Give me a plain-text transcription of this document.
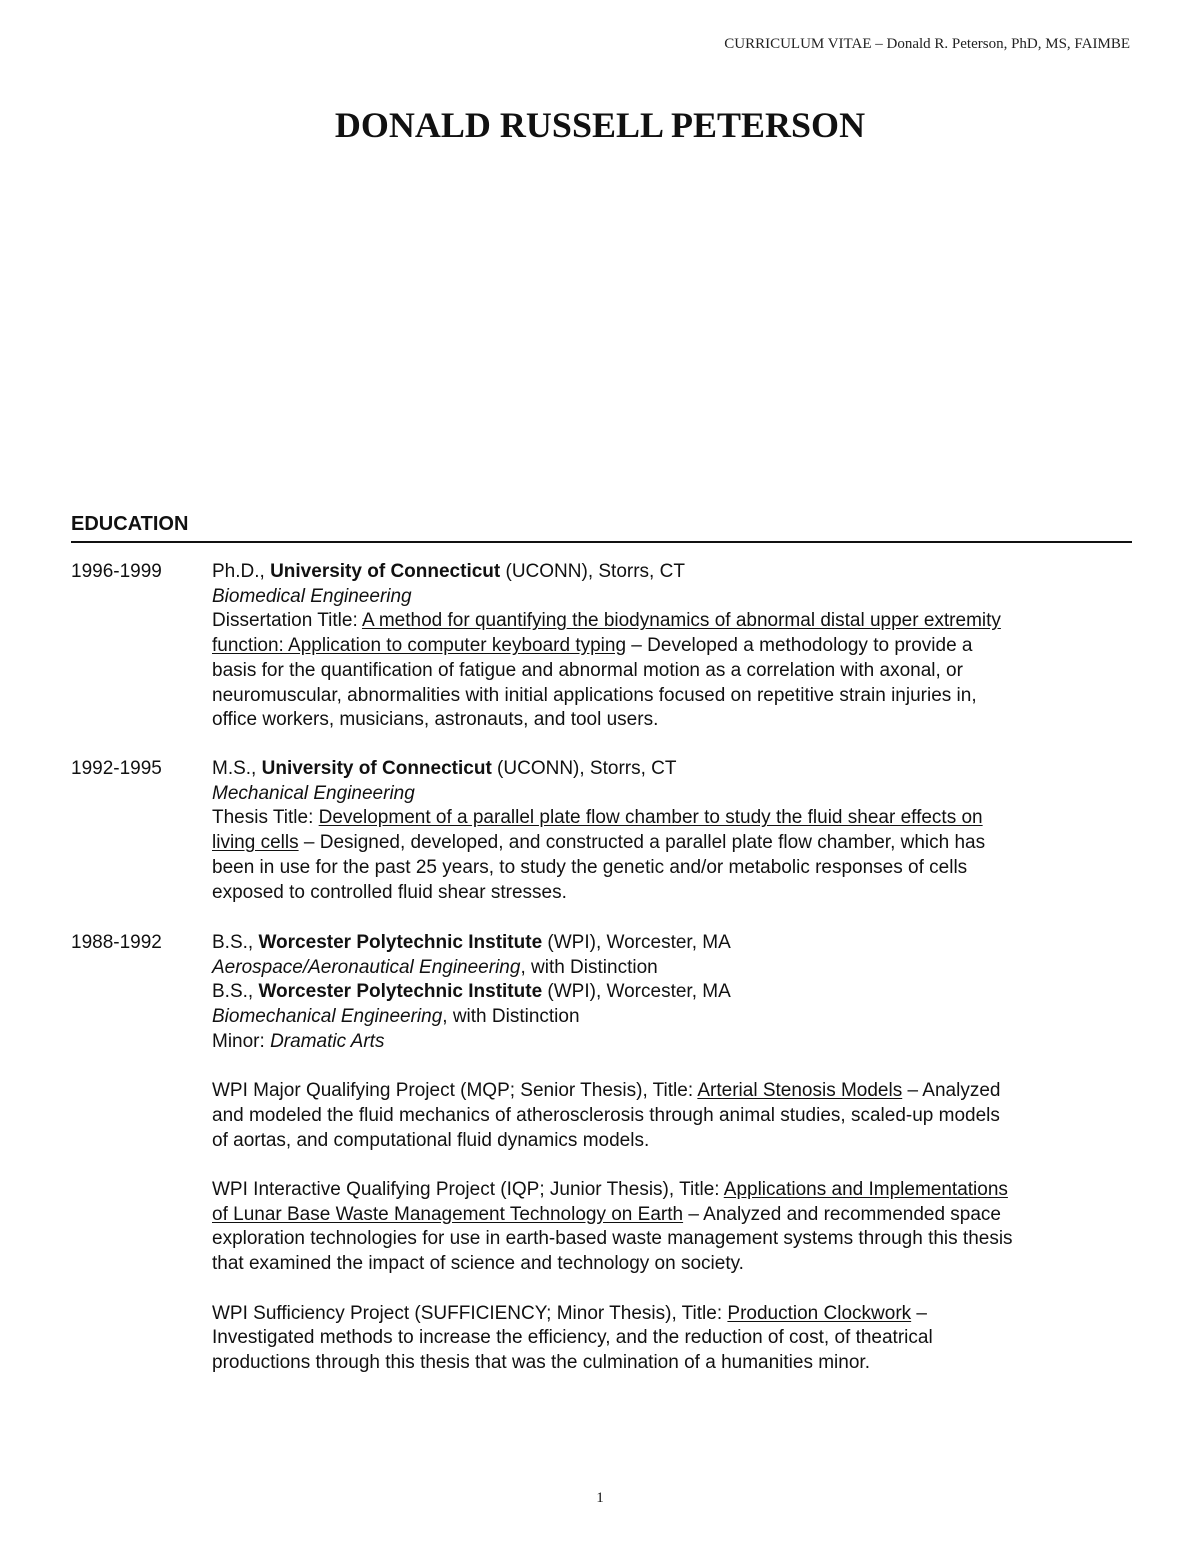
CURRICULUM VITAE – Donald R. Peterson, PhD, MS, FAIMBE
DONALD RUSSELL PETERSON
EDUCATION
1996-1999	Ph.D., University of Connecticut (UCONN), Storrs, CT
Biomedical Engineering
Dissertation Title: A method for quantifying the biodynamics of abnormal distal upper extremity
function: Application to computer keyboard typing – Developed a methodology to provide a
basis for the quantification of fatigue and abnormal motion as a correlation with axonal, or
neuromuscular, abnormalities with initial applications focused on repetitive strain injuries in,
office workers, musicians, astronauts, and tool users.
1992-1995	M.S., University of Connecticut (UCONN), Storrs, CT
Mechanical Engineering
Thesis Title: Development of a parallel plate flow chamber to study the fluid shear effects on
living cells – Designed, developed, and constructed a parallel plate flow chamber, which has
been in use for the past 25 years, to study the genetic and/or metabolic responses of cells
exposed to controlled fluid shear stresses.
1988-1992	B.S., Worcester Polytechnic Institute (WPI), Worcester, MA
Aerospace/Aeronautical Engineering, with Distinction
B.S., Worcester Polytechnic Institute (WPI), Worcester, MA
Biomechanical Engineering, with Distinction
Minor: Dramatic Arts
WPI Major Qualifying Project (MQP; Senior Thesis), Title: Arterial Stenosis Models – Analyzed
and modeled the fluid mechanics of atherosclerosis through animal studies, scaled-up models
of aortas, and computational fluid dynamics models.
WPI Interactive Qualifying Project (IQP; Junior Thesis), Title: Applications and Implementations
of Lunar Base Waste Management Technology on Earth – Analyzed and recommended space
exploration technologies for use in earth-based waste management systems through this thesis
that examined the impact of science and technology on society.
WPI Sufficiency Project (SUFFICIENCY; Minor Thesis), Title: Production Clockwork –
Investigated methods to increase the efficiency, and the reduction of cost, of theatrical
productions through this thesis that was the culmination of a humanities minor.
1
